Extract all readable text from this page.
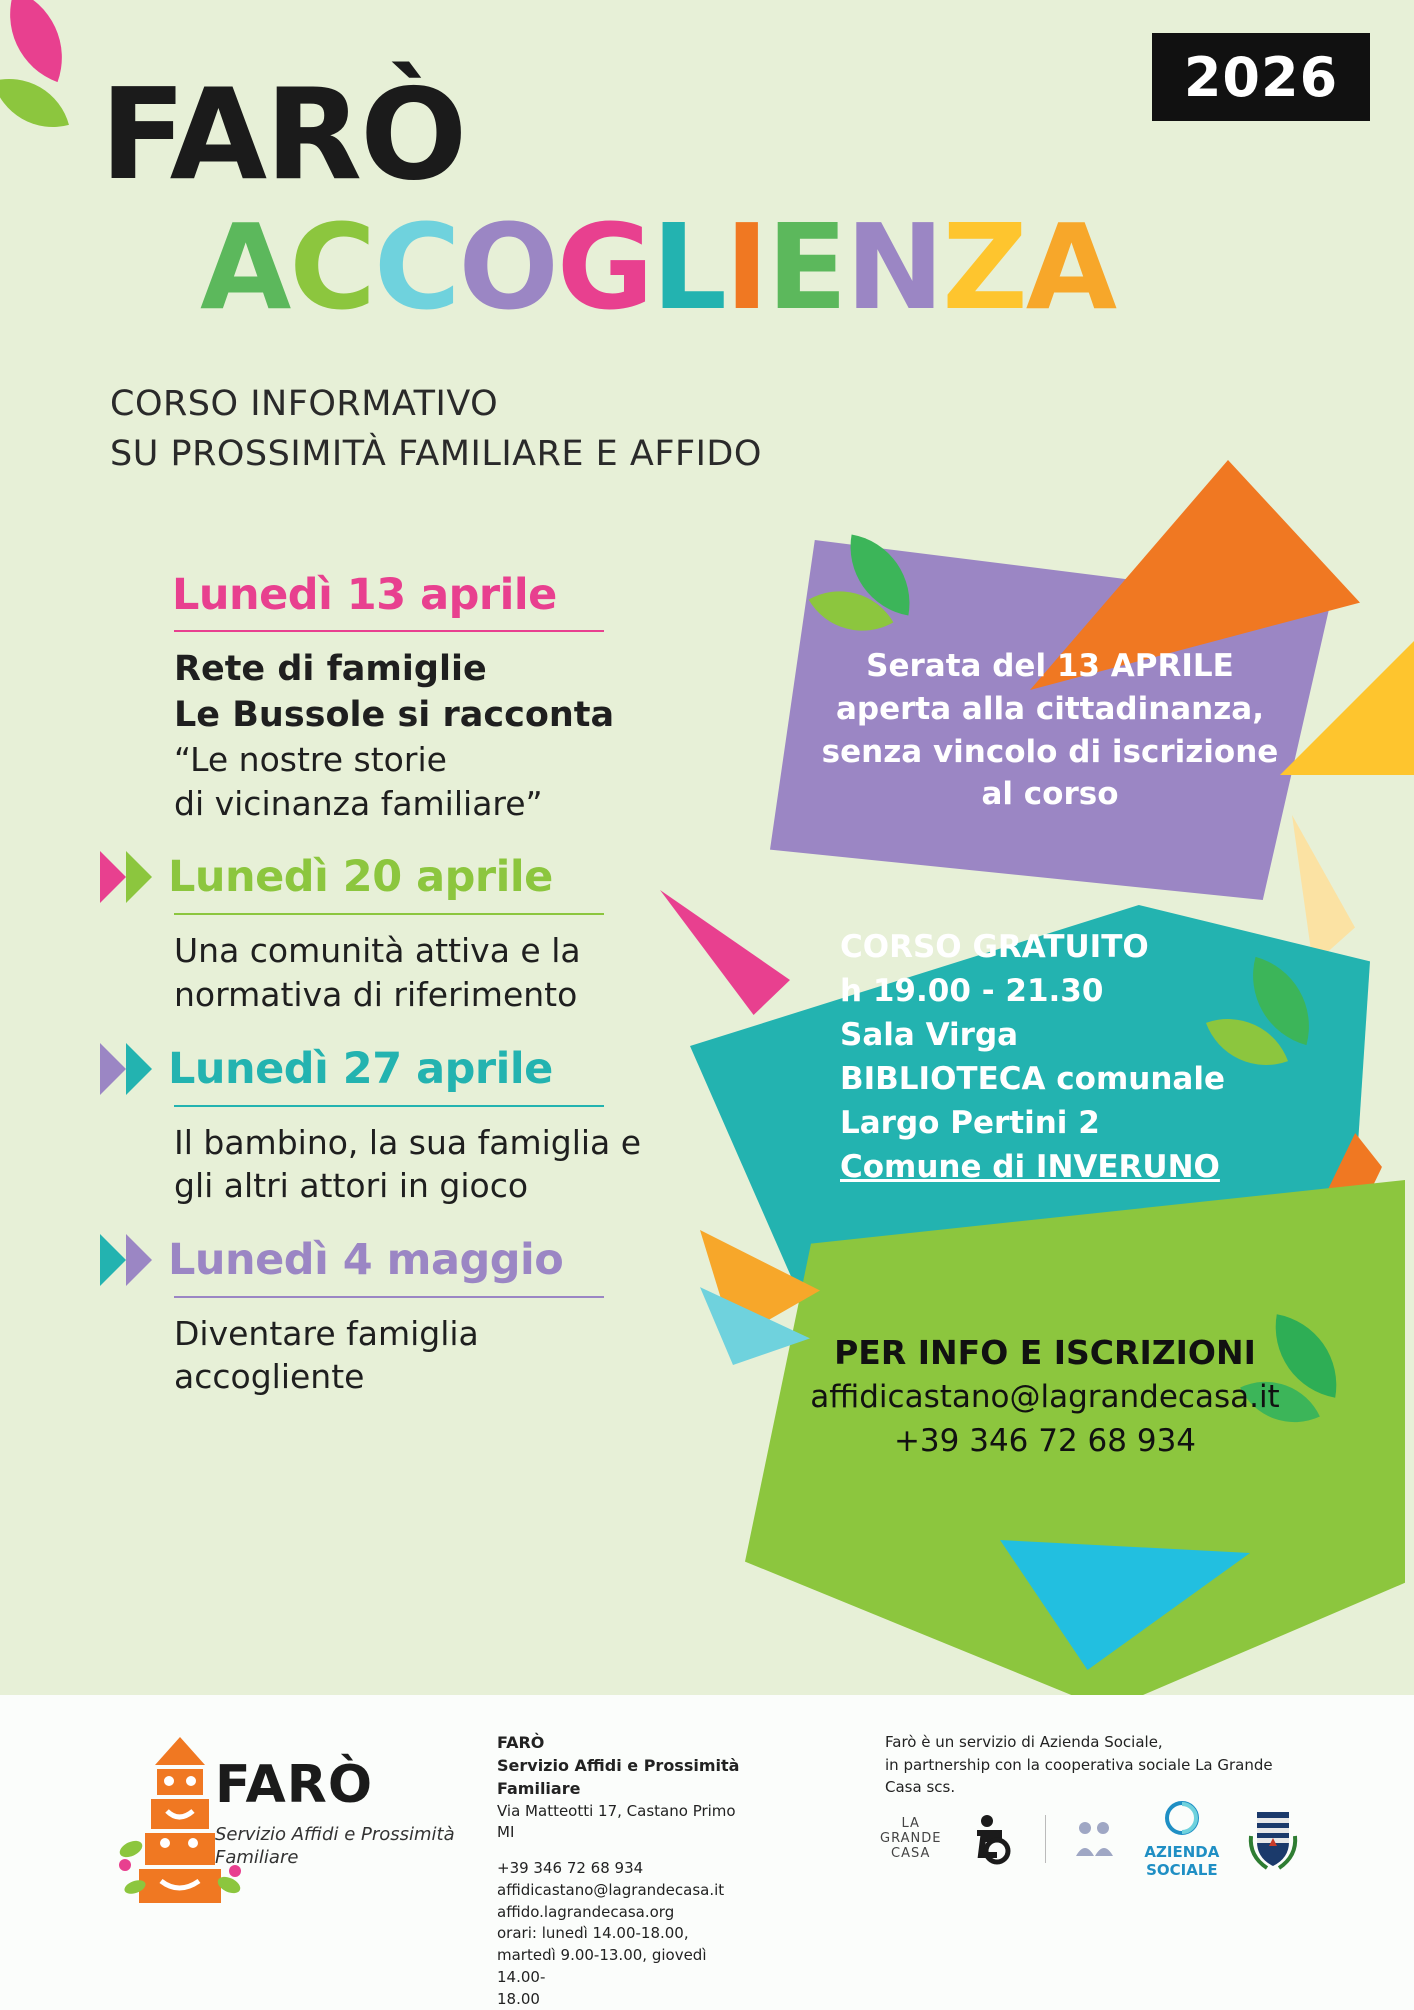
2026
FARÒ
ACCOGLIENZA
CORSO INFORMATIVO
SU PROSSIMITÀ FAMILIARE E AFFIDO
Lunedì 13 aprile
Rete di famiglie
Le Bussole si racconta
“Le nostre storie
di vicinanza familiare”
Lunedì 20 aprile
Una comunità attiva e la
normativa di riferimento
Lunedì 27 aprile
Il bambino, la sua famiglia e
gli altri attori in gioco
Lunedì 4 maggio
Diventare famiglia accogliente
Serata del 13 APRILE
aperta alla cittadinanza,
senza vincolo di iscrizione
al corso
CORSO GRATUITO
h 19.00 - 21.30
Sala Virga
BIBLIOTECA comunale
Largo Pertini 2
Comune di INVERUNO
PER INFO E ISCRIZIONI
affidicastano@lagrandecasa.it
+39 346 72 68 934
FARÒ
Servizio Affidi e Prossimità
Familiare
FARÒ
Servizio Affidi e Prossimità Familiare
Via Matteotti 17, Castano Primo MI
+39 346 72 68 934
affidicastano@lagrandecasa.it
affido.lagrandecasa.org
orari: lunedì 14.00-18.00,
martedì 9.00-13.00, giovedì 14.00-
18.00
Farò è un servizio di Azienda Sociale,
in partnership con la cooperativa sociale La Grande Casa scs.
LA
GRANDE
CASA	AZIENDA
SOCIALE
